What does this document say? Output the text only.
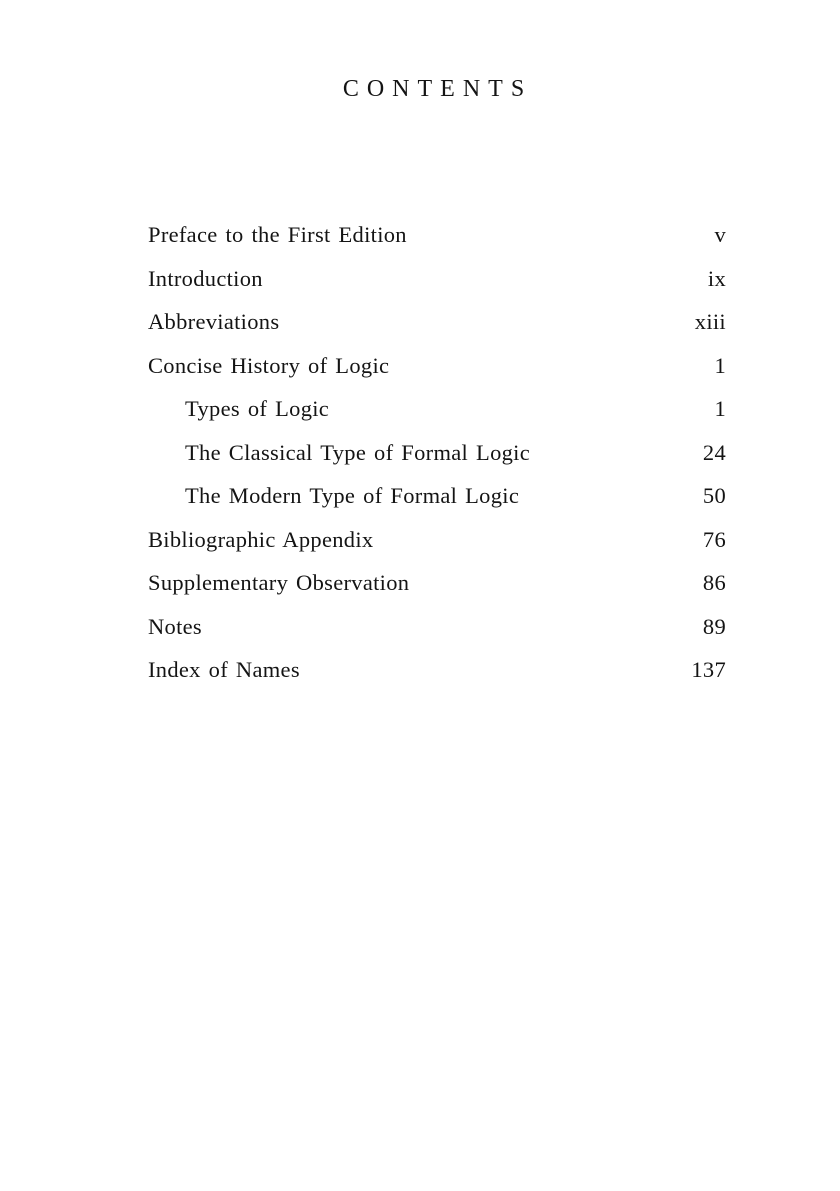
CONTENTS
Preface to the First Edition	v
Introduction	ix
Abbreviations	xiii
Concise History of Logic	1
Types of Logic	1
The Classical Type of Formal Logic	24
The Modern Type of Formal Logic	50
Bibliographic Appendix	76
Supplementary Observation	86
Notes	89
Index of Names	137
